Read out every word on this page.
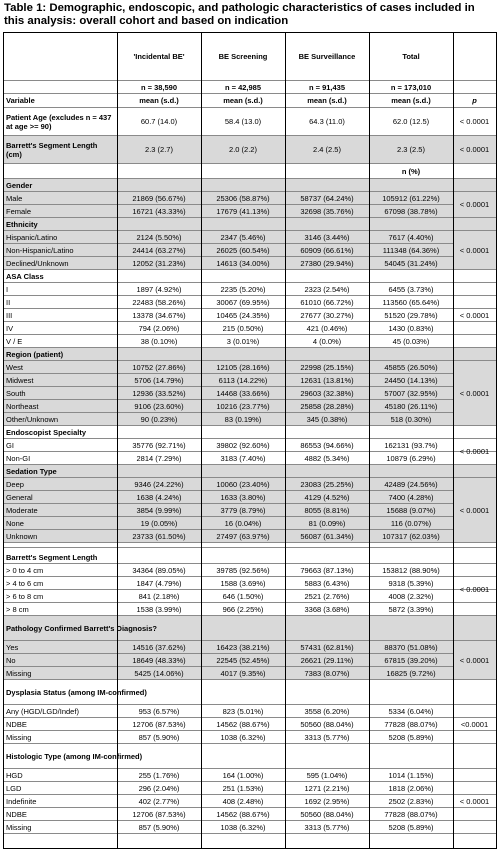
Table 1: Demographic, endoscopic, and pathologic characteristics of cases included in this analysis: overall cohort and based on indication
'Incidental BE'	BE Screening	BE Surveillance	Total
n = 38,590	n = 42,985	n = 91,435	n = 173,010
Variable	mean (s.d.)	mean (s.d.)	mean (s.d.)	mean (s.d.)	p
Patient Age (excludes n = 437 at age >= 90)	60.7 (14.0)	58.4 (13.0)	64.3 (11.0)	62.0 (12.5)	< 0.0001
Barrett's Segment Length (cm)	2.3 (2.7)	2.0 (2.2)	2.4 (2.5)	2.3 (2.5)	< 0.0001
n (%)
Gender
Male	21869 (56.67%)	25306 (58.87%)	58737 (64.24%)	105912 (61.22%)
Female	16721 (43.33%)	17679 (41.13%)	32698 (35.76%)	67098 (38.78%)
< 0.0001
Ethnicity
Hispanic/Latino	2124 (5.50%)	2347 (5.46%)	3146 (3.44%)	7617 (4.40%)
Non-Hispanic/Latino	24414 (63.27%)	26025 (60.54%)	60909 (66.61%)	111348 (64.36%)
Declined/Unknown	12052 (31.23%)	14613 (34.00%)	27380 (29.94%)	54045 (31.24%)
< 0.0001
ASA Class
I	1897 (4.92%)	2235 (5.20%)	2323 (2.54%)	6455 (3.73%)
II	22483 (58.26%)	30067 (69.95%)	61010 (66.72%)	113560 (65.64%)
III	13378 (34.67%)	10465 (24.35%)	27677 (30.27%)	51520 (29.78%)
IV	794 (2.06%)	215 (0.50%)	421 (0.46%)	1430 (0.83%)
V / E	38 (0.10%)	3 (0.01%)	4 (0.0%)	45 (0.03%)
< 0.0001
Region (patient)
West	10752 (27.86%)	12105 (28.16%)	22998 (25.15%)	45855 (26.50%)
Midwest	5706 (14.79%)	6113 (14.22%)	12631 (13.81%)	24450 (14.13%)
South	12936 (33.52%)	14468 (33.66%)	29603 (32.38%)	57007 (32.95%)
Northeast	9106 (23.60%)	10216 (23.77%)	25858 (28.28%)	45180 (26.11%)
Other/Unknown	90 (0.23%)	83 (0.19%)	345 (0.38%)	518 (0.30%)
< 0.0001
Endoscopist Specialty
GI	35776 (92.71%)	39802 (92.60%)	86553 (94.66%)	162131 (93.7%)
Non-GI	2814 (7.29%)	3183 (7.40%)	4882 (5.34%)	10879 (6.29%)
< 0.0001
Sedation Type
Deep	9346 (24.22%)	10060 (23.40%)	23083 (25.25%)	42489 (24.56%)
General	1638 (4.24%)	1633 (3.80%)	4129 (4.52%)	7400 (4.28%)
Moderate	3854 (9.99%)	3779 (8.79%)	8055 (8.81%)	15688 (9.07%)
None	19 (0.05%)	16 (0.04%)	81 (0.09%)	116 (0.07%)
Unknown	23733 (61.50%)	27497 (63.97%)	56087 (61.34%)	107317 (62.03%)
< 0.0001
Barrett's Segment Length
> 0 to 4 cm	34364 (89.05%)	39785 (92.56%)	79663 (87.13%)	153812 (88.90%)
> 4 to 6 cm	1847 (4.79%)	1588 (3.69%)	5883 (6.43%)	9318 (5.39%)
> 6 to 8 cm	841 (2.18%)	646 (1.50%)	2521 (2.76%)	4008 (2.32%)
> 8 cm	1538 (3.99%)	966 (2.25%)	3368 (3.68%)	5872 (3.39%)
< 0.0001
Pathology Confirmed Barrett's Diagnosis?
Yes	14516 (37.62%)	16423 (38.21%)	57431 (62.81%)	88370 (51.08%)
No	18649 (48.33%)	22545 (52.45%)	26621 (29.11%)	67815 (39.20%)
Missing	5425 (14.06%)	4017 (9.35%)	7383 (8.07%)	16825 (9.72%)
< 0.0001
Dysplasia Status (among IM-confirmed)
Any (HGD/LGD/Indef)	953 (6.57%)	823 (5.01%)	3558 (6.20%)	5334 (6.04%)
NDBE	12706 (87.53%)	14562 (88.67%)	50560 (88.04%)	77828 (88.07%)
Missing	857 (5.90%)	1038 (6.32%)	3313 (5.77%)	5208 (5.89%)
<0.0001
Histologic Type (among IM-confirmed)
HGD	255 (1.76%)	164 (1.00%)	595 (1.04%)	1014 (1.15%)
LGD	296 (2.04%)	251 (1.53%)	1271 (2.21%)	1818 (2.06%)
Indefinite	402 (2.77%)	408 (2.48%)	1692 (2.95%)	2502 (2.83%)
NDBE	12706 (87.53%)	14562 (88.67%)	50560 (88.04%)	77828 (88.07%)
Missing	857 (5.90%)	1038 (6.32%)	3313 (5.77%)	5208 (5.89%)
< 0.0001
